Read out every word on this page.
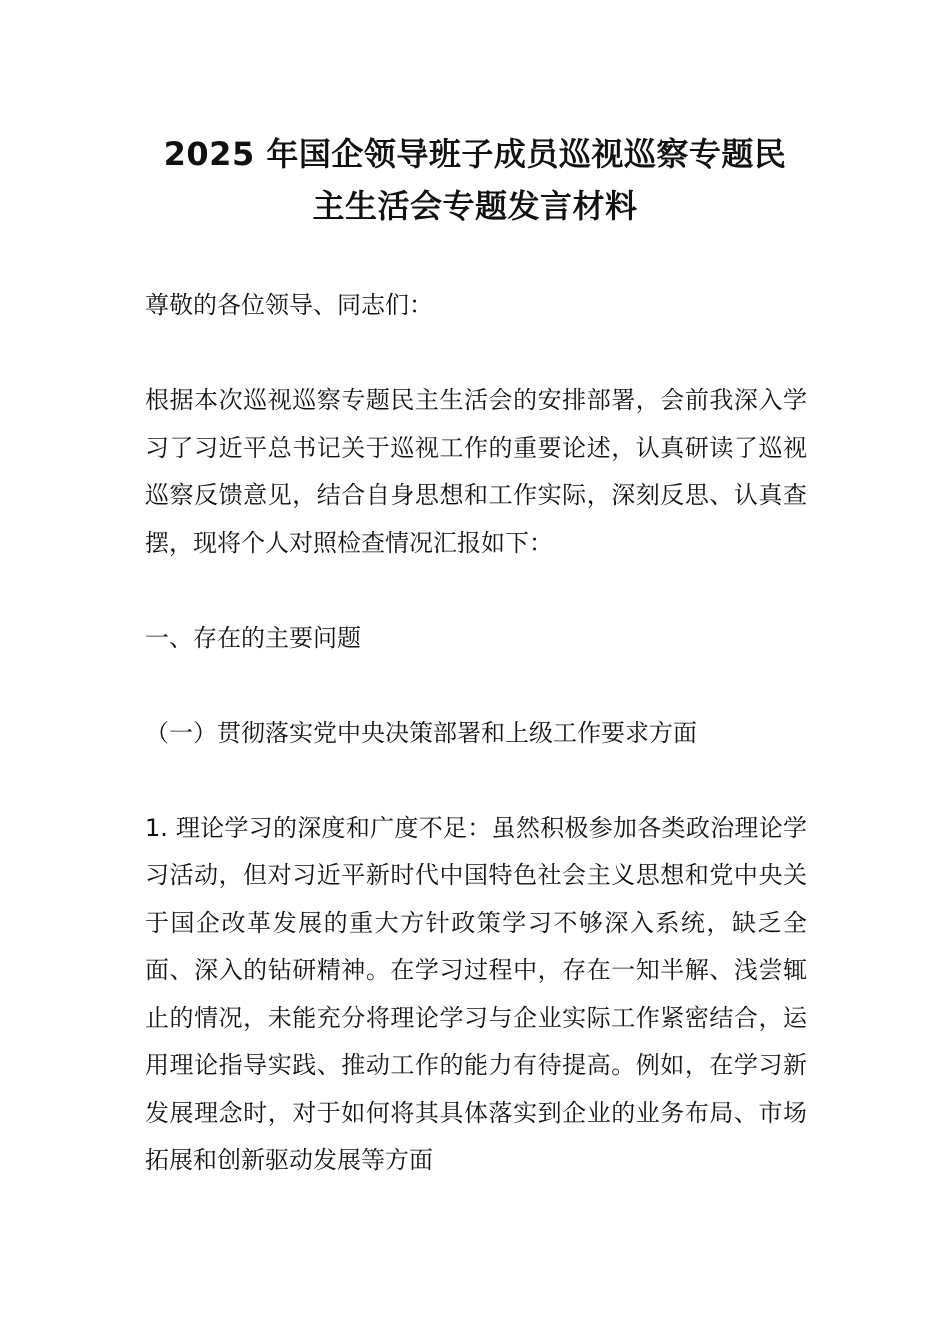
2025 年国企领导班子成员巡视巡察专题民
主生活会专题发言材料

尊敬的各位领导、同志们：

根据本次巡视巡察专题民主生活会的安排部署，会前我深入学习了习近平总书记关于巡视工作的重要论述，认真研读了巡视巡察反馈意见，结合自身思想和工作实际，深刻反思、认真查摆，现将个人对照检查情况汇报如下：

一、存在的主要问题

（一）贯彻落实党中央决策部署和上级工作要求方面

1. 理论学习的深度和广度不足：虽然积极参加各类政治理论学习活动，但对习近平新时代中国特色社会主义思想和党中央关于国企改革发展的重大方针政策学习不够深入系统，缺乏全面、深入的钻研精神。在学习过程中，存在一知半解、浅尝辄止的情况，未能充分将理论学习与企业实际工作紧密结合，运用理论指导实践、推动工作的能力有待提高。例如，在学习新发展理念时，对于如何将其具体落实到企业的业务布局、市场拓展和创新驱动发展等方面
